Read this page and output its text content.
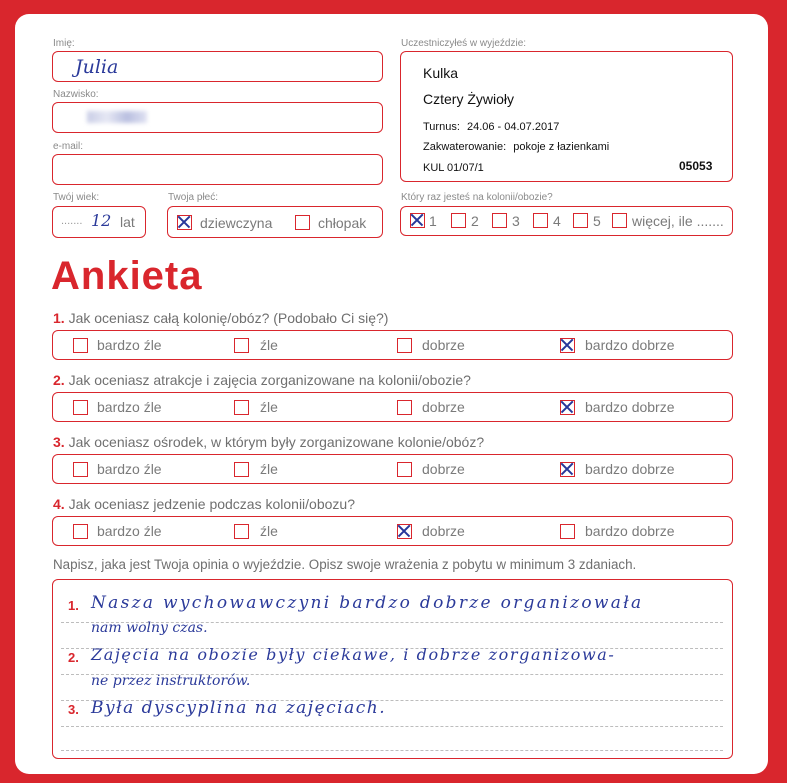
Imię:
Julia
Nazwisko:
e-mail:
Twój wiek:
....... 12 lat
Twoja płeć:
dziewczyna	chłopak
Uczestniczyłeś w wyjeździe:
Kulka
Cztery Żywioły
Turnus: 24.06 - 04.07.2017
Zakwaterowanie: pokoje z łazienkami
KUL 01/07/1	05053
Który raz jesteś na kolonii/obozie?
1 2 3 4 5 więcej, ile .......
Ankieta
1. Jak oceniasz całą kolonię/obóz? (Podobało Ci się?)
bardzo źle	źle	dobrze	bardzo dobrze
2. Jak oceniasz atrakcje i zajęcia zorganizowane na kolonii/obozie?
bardzo źle	źle	dobrze	bardzo dobrze
3. Jak oceniasz ośrodek, w którym były zorganizowane kolonie/obóz?
bardzo źle	źle	dobrze	bardzo dobrze
4. Jak oceniasz jedzenie podczas kolonii/obozu?
bardzo źle	źle	dobrze	bardzo dobrze
Napisz, jaka jest Twoja opinia o wyjeździe. Opisz swoje wrażenia z pobytu w minimum 3 zdaniach.
1.
2.
3.
Nasza wychowawczyni bardzo dobrze organizowała
nam wolny czas.
Zajęcia na obozie były ciekawe, i dobrze zorganizowa-
ne przez instruktorów.
Była dyscyplina na zajęciach.
